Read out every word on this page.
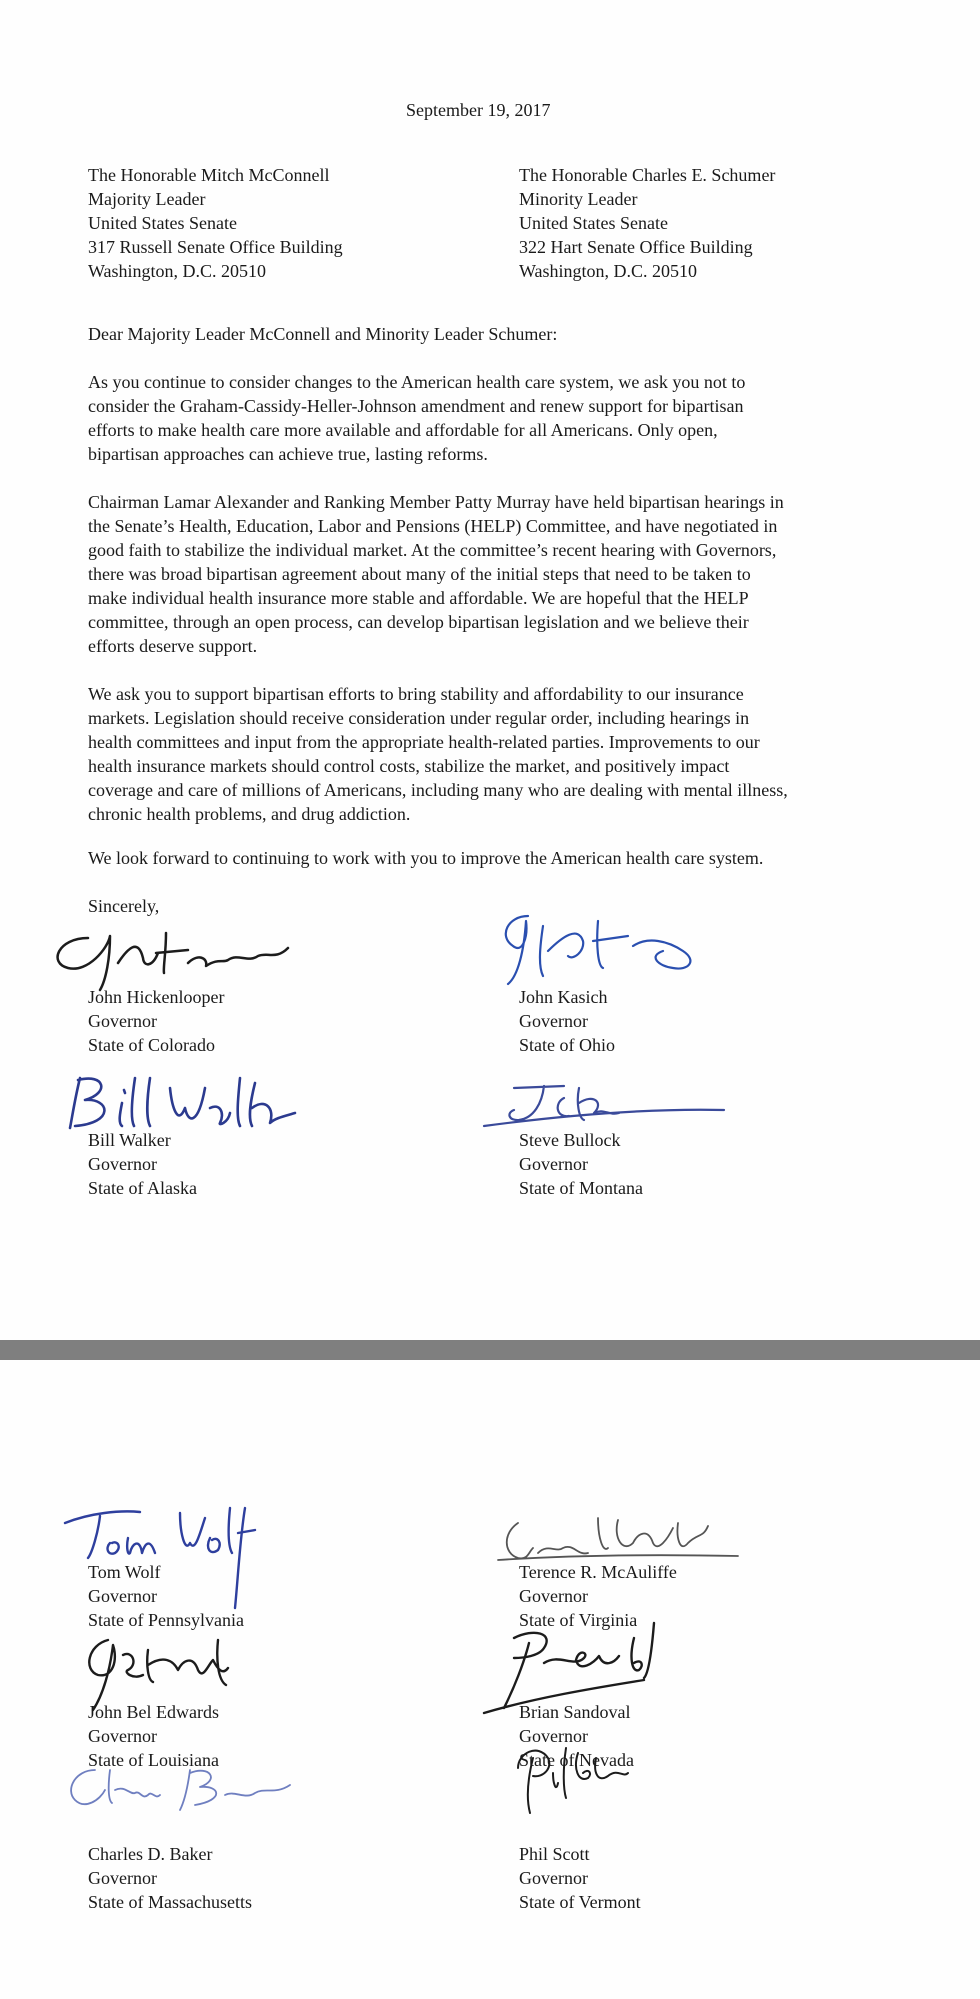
September 19, 2017
The Honorable Mitch McConnell
Majority Leader
United States Senate
317 Russell Senate Office Building
Washington, D.C. 20510
The Honorable Charles E. Schumer
Minority Leader
United States Senate
322 Hart Senate Office Building
Washington, D.C. 20510
Dear Majority Leader McConnell and Minority Leader Schumer:
As you continue to consider changes to the American health care system, we ask you not to
consider the Graham-Cassidy-Heller-Johnson amendment and renew support for bipartisan
efforts to make health care more available and affordable for all Americans. Only open,
bipartisan approaches can achieve true, lasting reforms.
Chairman Lamar Alexander and Ranking Member Patty Murray have held bipartisan hearings in
the Senate’s Health, Education, Labor and Pensions (HELP) Committee, and have negotiated in
good faith to stabilize the individual market. At the committee’s recent hearing with Governors,
there was broad bipartisan agreement about many of the initial steps that need to be taken to
make individual health insurance more stable and affordable. We are hopeful that the HELP
committee, through an open process, can develop bipartisan legislation and we believe their
efforts deserve support.
We ask you to support bipartisan efforts to bring stability and affordability to our insurance
markets. Legislation should receive consideration under regular order, including hearings in
health committees and input from the appropriate health-related parties. Improvements to our
health insurance markets should control costs, stabilize the market, and positively impact
coverage and care of millions of Americans, including many who are dealing with mental illness,
chronic health problems, and drug addiction.
We look forward to continuing to work with you to improve the American health care system.
Sincerely,
John Hickenlooper
Governor
State of Colorado
John Kasich
Governor
State of Ohio
Bill Walker
Governor
State of Alaska
Steve Bullock
Governor
State of Montana
Tom Wolf
Governor
State of Pennsylvania
Terence R. McAuliffe
Governor
State of Virginia
John Bel Edwards
Governor
State of Louisiana
Brian Sandoval
Governor
State of Nevada
Charles D. Baker
Governor
State of Massachusetts
Phil Scott
Governor
State of Vermont
